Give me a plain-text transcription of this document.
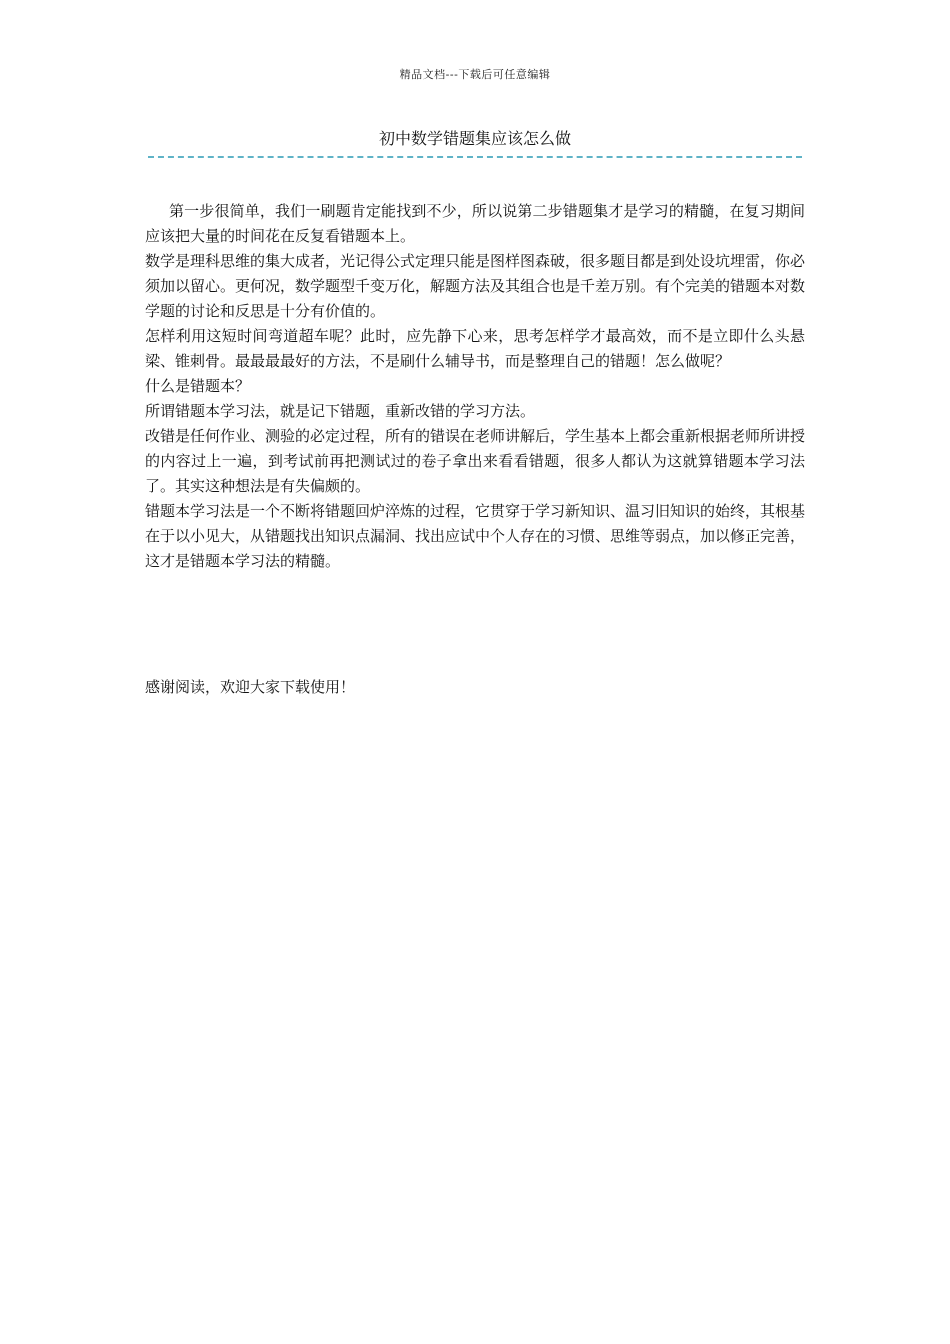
精品文档---下载后可任意编辑
初中数学错题集应该怎么做

第一步很简单，我们一刷题肯定能找到不少，所以说第二步错题集才是学习的精髓，在复习期间应该把大量的时间花在反复看错题本上。

数学是理科思维的集大成者，光记得公式定理只能是图样图森破，很多题目都是到处设坑埋雷，你必须加以留心。更何况，数学题型千变万化，解题方法及其组合也是千差万别。有个完美的错题本对数学题的讨论和反思是十分有价值的。

怎样利用这短时间弯道超车呢？此时，应先静下心来，思考怎样学才最高效，而不是立即什么头悬梁、锥刺骨。最最最最好的方法，不是刷什么辅导书，而是整理自己的错题！怎么做呢？

什么是错题本？

所谓错题本学习法，就是记下错题，重新改错的学习方法。

改错是任何作业、测验的必定过程，所有的错误在老师讲解后，学生基本上都会重新根据老师所讲授的内容过上一遍，到考试前再把测试过的卷子拿出来看看错题，很多人都认为这就算错题本学习法了。其实这种想法是有失偏颇的。

错题本学习法是一个不断将错题回炉淬炼的过程，它贯穿于学习新知识、温习旧知识的始终，其根基在于以小见大，从错题找出知识点漏洞、找出应试中个人存在的习惯、思维等弱点，加以修正完善，这才是错题本学习法的精髓。

感谢阅读，欢迎大家下载使用！
